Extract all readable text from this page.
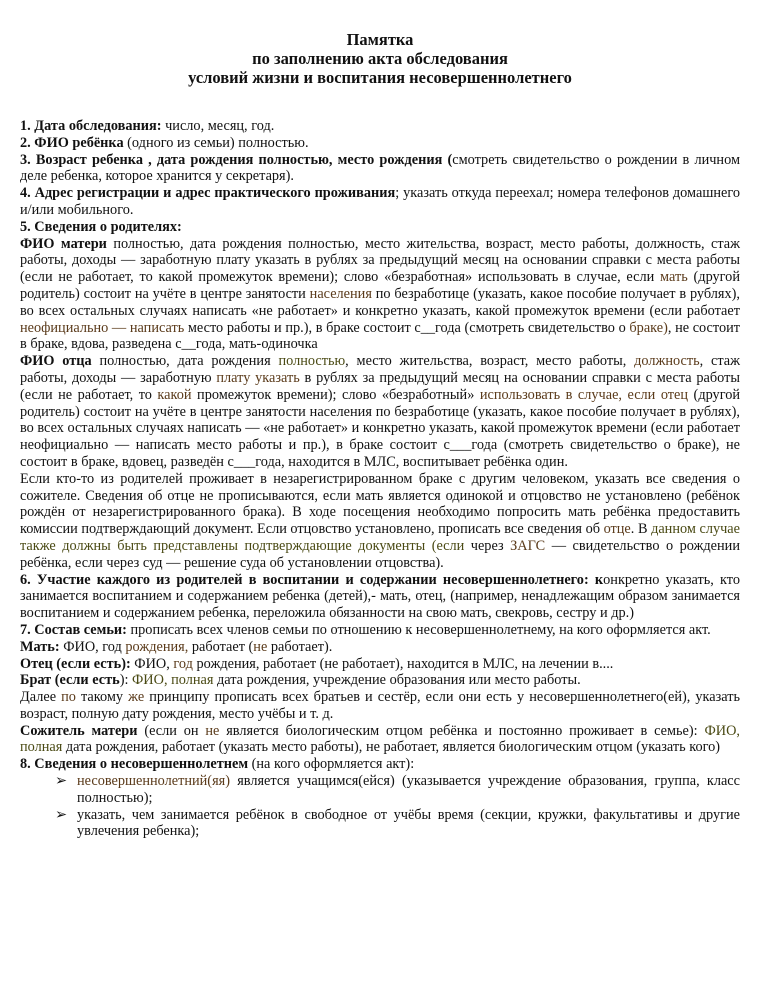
Памятка
по заполнению акта обследования
условий жизни и воспитания несовершеннолетнего

1. Дата обследования: число, месяц, год.

2. ФИО ребёнка (одного из семьи) полностью.

3. Возраст ребенка , дата рождения полностью, место рождения (смотреть свидетельство о рождении в личном деле ребенка, которое хранится у секретаря).

4. Адрес регистрации и адрес практического проживания; указать откуда переехал; номера телефонов домашнего и/или мобильного.

5. Сведения о родителях:

ФИО матери полностью, дата рождения полностью, место жительства, возраст, место работы, должность, стаж работы, доходы — заработную плату указать в рублях за предыдущий месяц на основании справки с места работы (если не работает, то какой промежуток времени); слово «безработная» использовать в случае, если мать (другой родитель) состоит на учёте в центре занятости населения по безработице (указать, какое пособие получает в рублях), во всех остальных случаях написать «не работает» и конкретно указать, какой промежуток времени (если работает неофициально — написать место работы и пр.), в браке состоит с__года (смотреть свидетельство о браке), не состоит в браке, вдова, разведена с__года, мать-одиночка

ФИО отца полностью, дата рождения полностью, место жительства, возраст, место работы, должность, стаж работы, доходы — заработную плату указать в рублях за предыдущий месяц на основании справки с места работы (если не работает, то какой промежуток времени); слово «безработный» использовать в случае, если отец (другой родитель) состоит на учёте в центре занятости населения по безработице (указать, какое пособие получает в рублях), во всех остальных случаях написать — «не работает» и конкретно указать, какой промежуток времени (если работает неофициально — написать место работы и пр.), в браке состоит с___года (смотреть свидетельство о браке), не состоит в браке, вдовец, разведён с___года, находится в МЛС, воспитывает ребёнка один.

Если кто-то из родителей проживает в незарегистрированном браке с другим человеком, указать все сведения о сожителе. Сведения об отце не прописываются, если мать является одинокой и отцовство не установлено (ребёнок рождён от незарегистрированного брака). В ходе посещения необходимо попросить мать ребёнка предоставить комиссии подтверждающий документ. Если отцовство установлено, прописать все сведения об отце. В данном случае также должны быть представлены подтверждающие документы (если через ЗАГС — свидетельство о рождении ребёнка, если через суд — решение суда об установлении отцовства).

6. Участие каждого из родителей в воспитании и содержании несовершеннолетнего: конкретно указать, кто занимается воспитанием и содержанием ребенка (детей),- мать, отец, (например, ненадлежащим образом занимается воспитанием и содержанием ребенка, переложила обязанности на свою мать, свекровь, сестру и др.)

7. Состав семьи: прописать всех членов семьи по отношению к несовершеннолетнему, на кого оформляется акт.

Мать: ФИО, год рождения, работает (не работает).

Отец (если есть): ФИО, год рождения, работает (не работает), находится в МЛС, на лечении в....

Брат (если есть): ФИО, полная дата рождения, учреждение образования или место работы.

Далее по такому же принципу прописать всех братьев и сестёр, если они есть у несовершеннолетнего(ей), указать возраст, полную дату рождения, место учёбы и т. д.

Сожитель матери (если он не является биологическим отцом ребёнка и постоянно проживает в семье): ФИО, полная дата рождения, работает (указать место работы), не работает, является биологическим отцом (указать кого)

8. Сведения о несовершеннолетнем (на кого оформляется акт):

➢ несовершеннолетний(яя) является учащимся(ейся) (указывается учреждение образования, группа, класс полностью);
➢ указать, чем занимается ребёнок в свободное от учёбы время (секции, кружки, факультативы и другие увлечения ребенка);
